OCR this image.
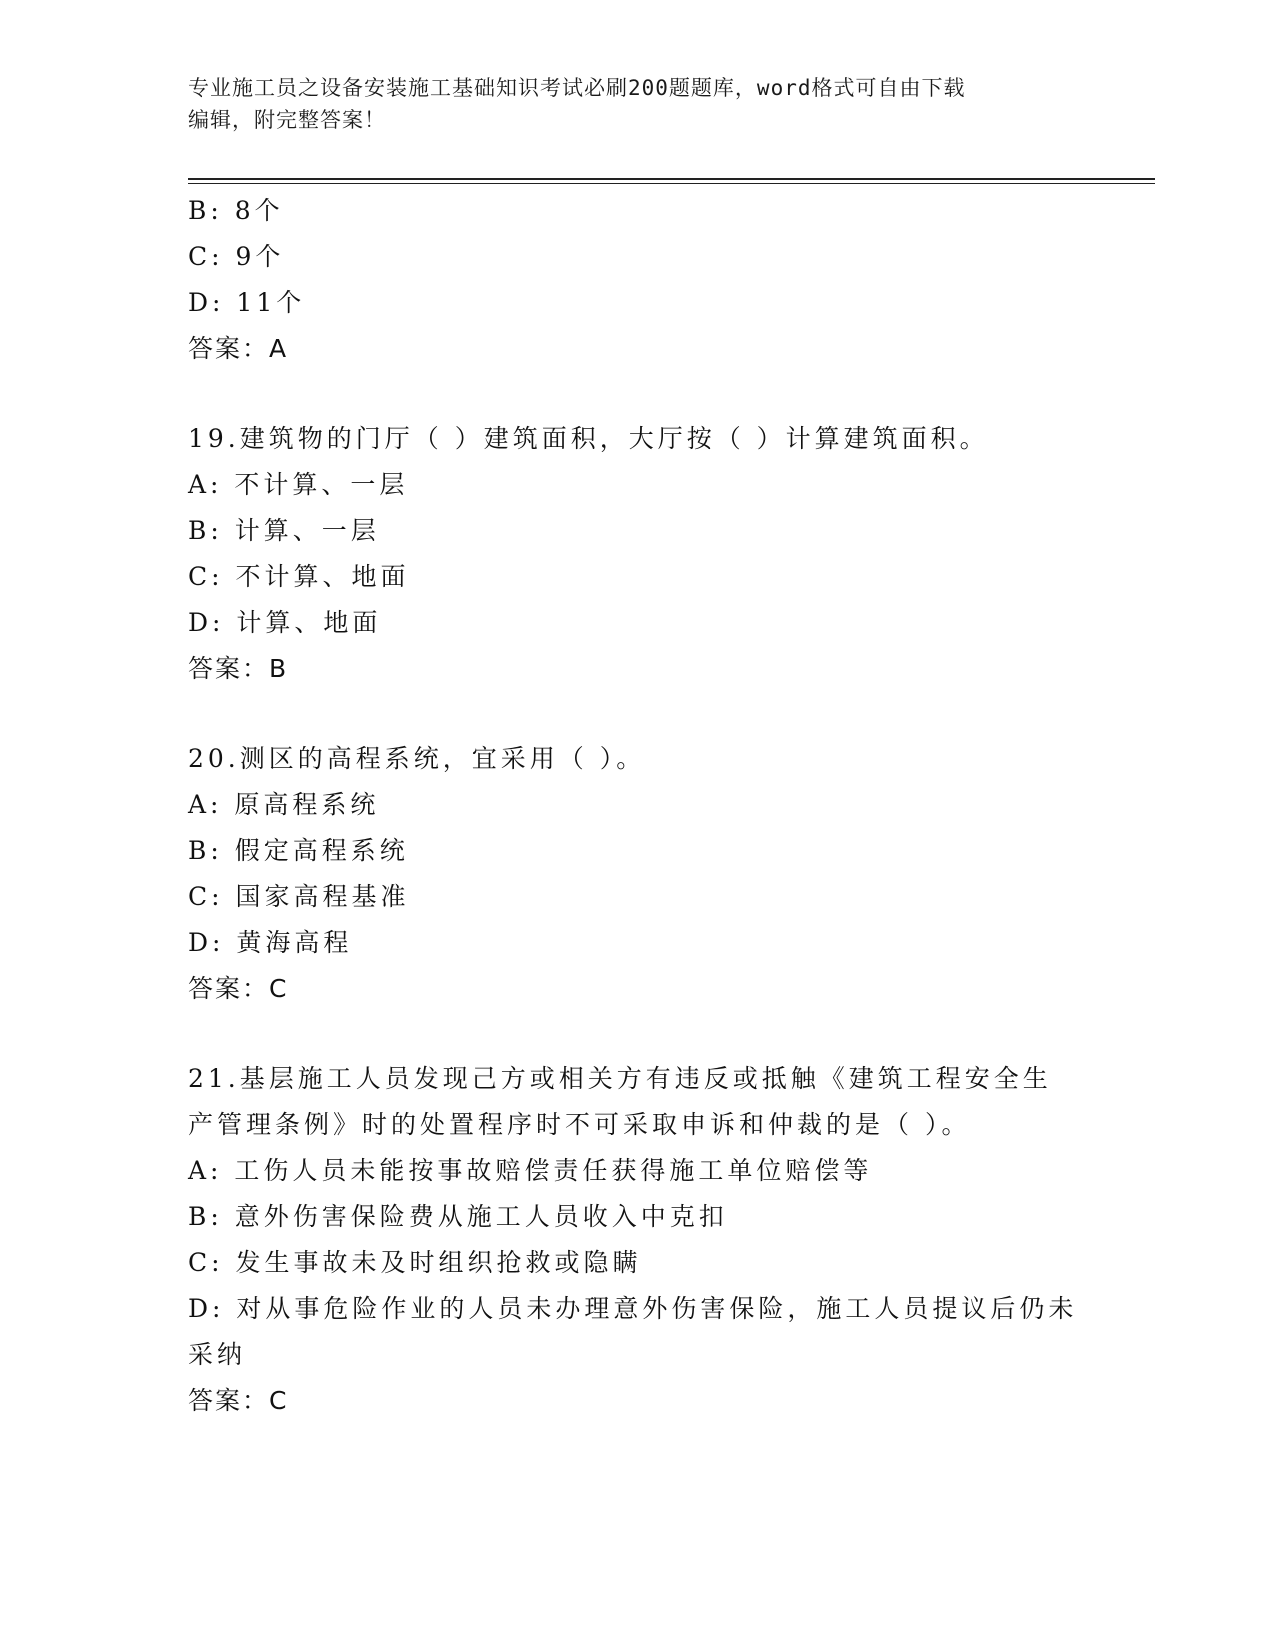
专业施工员之设备安装施工基础知识考试必刷200题题库，word格式可自由下载
编辑，附完整答案！

B: 8个

C: 9个

D: 11个

答案：A

19.建筑物的门厅（ ）建筑面积，大厅按（ ）计算建筑面积。

A: 不计算、一层

B: 计算、一层

C: 不计算、地面

D: 计算、地面

答案：B

20.测区的高程系统，宜采用（ ）。

A: 原高程系统

B: 假定高程系统

C: 国家高程基准

D: 黄海高程

答案：C

21.基层施工人员发现己方或相关方有违反或抵触《建筑工程安全生产管理条例》时的处置程序时不可采取申诉和仲裁的是（ ）。

A: 工伤人员未能按事故赔偿责任获得施工单位赔偿等

B: 意外伤害保险费从施工人员收入中克扣

C: 发生事故未及时组织抢救或隐瞒

D: 对从事危险作业的人员未办理意外伤害保险，施工人员提议后仍未采纳

答案：C
